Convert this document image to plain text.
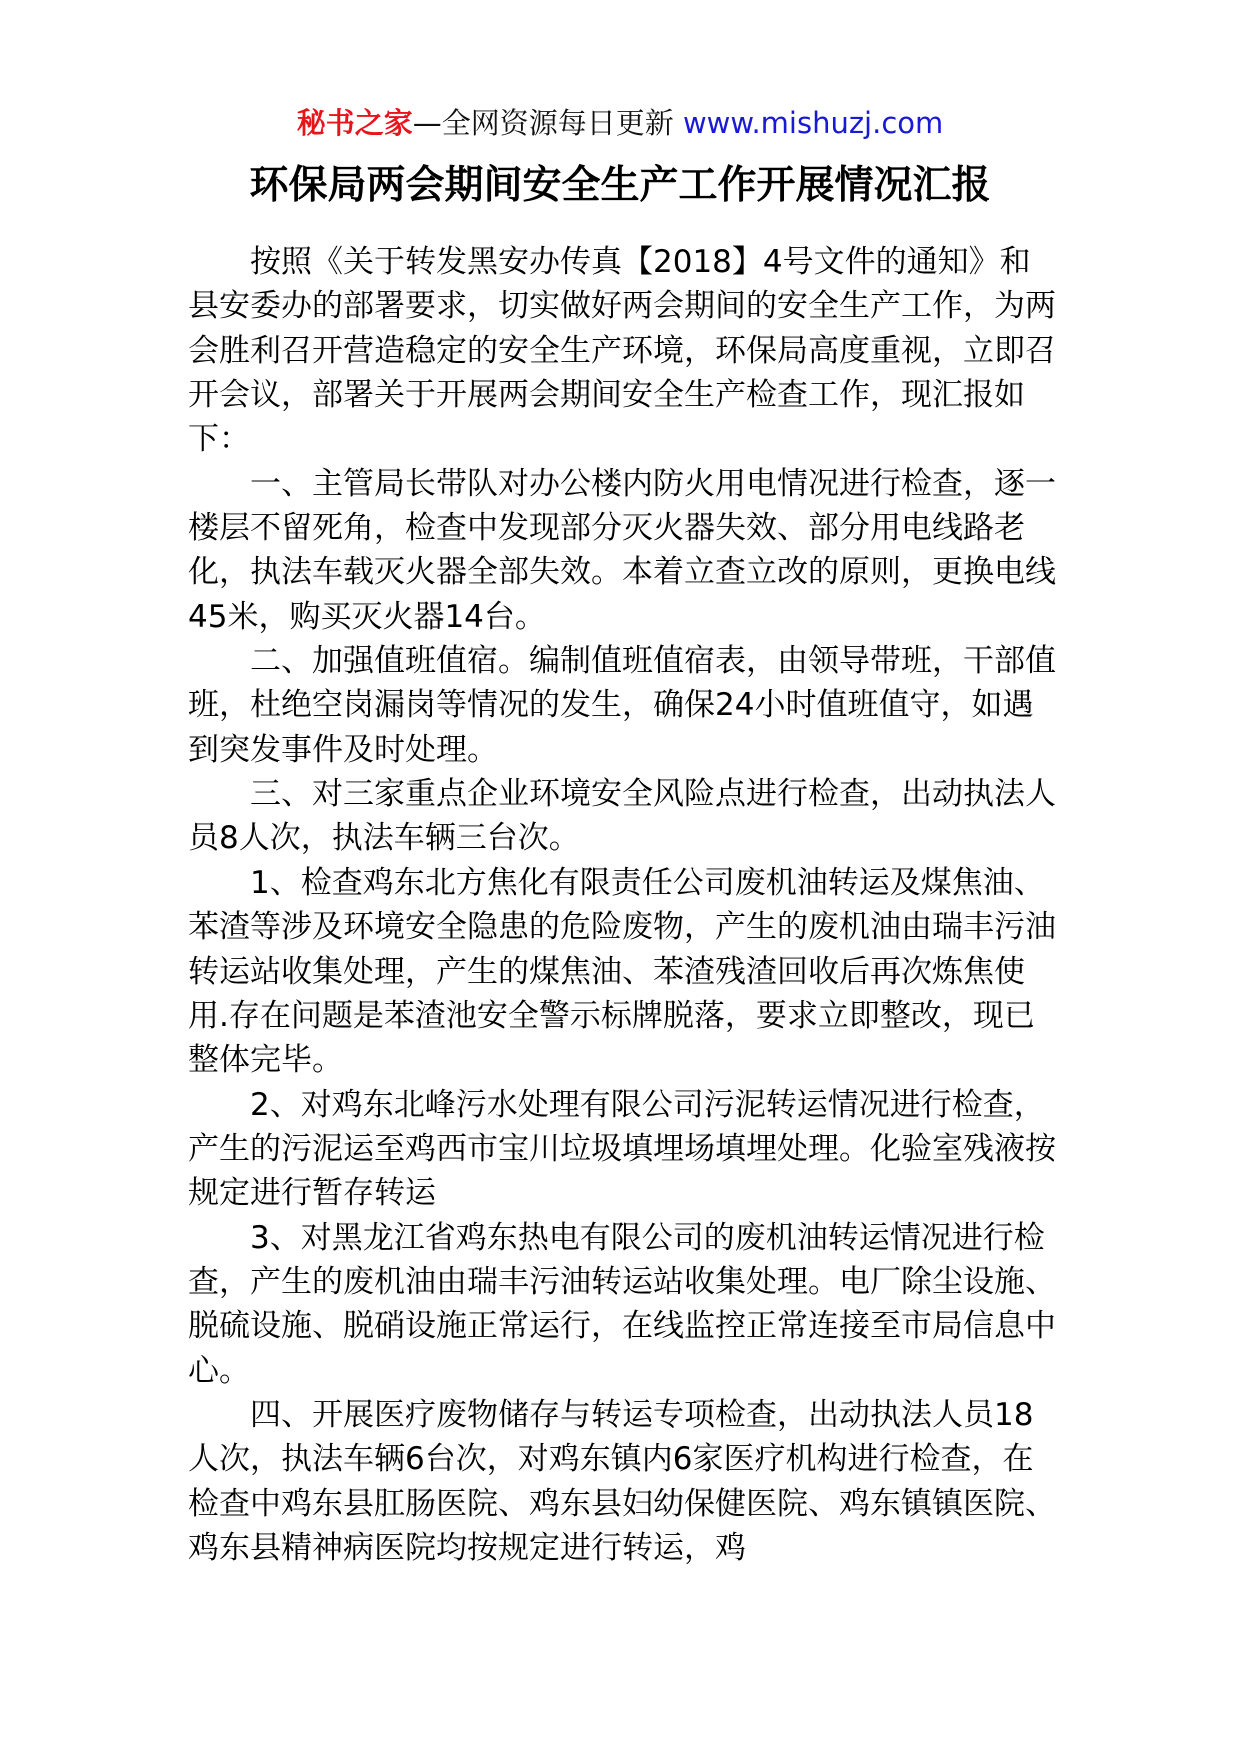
秘书之家—全网资源每日更新 www.mishuzj.com
环保局两会期间安全生产工作开展情况汇报

按照《关于转发黑安办传真【2018】4号文件的通知》和县安委办的部署要求，切实做好两会期间的安全生产工作，为两会胜利召开营造稳定的安全生产环境，环保局高度重视，立即召开会议，部署关于开展两会期间安全生产检查工作，现汇报如下：

一、主管局长带队对办公楼内防火用电情况进行检查，逐一楼层不留死角，检查中发现部分灭火器失效、部分用电线路老化，执法车载灭火器全部失效。本着立查立改的原则，更换电线45米，购买灭火器14台。

二、加强值班值宿。编制值班值宿表，由领导带班，干部值班，杜绝空岗漏岗等情况的发生，确保24小时值班值守，如遇到突发事件及时处理。

三、对三家重点企业环境安全风险点进行检查，出动执法人员8人次，执法车辆三台次。

1、检查鸡东北方焦化有限责任公司废机油转运及煤焦油、苯渣等涉及环境安全隐患的危险废物，产生的废机油由瑞丰污油转运站收集处理，产生的煤焦油、苯渣残渣回收后再次炼焦使用.存在问题是苯渣池安全警示标牌脱落，要求立即整改，现已整体完毕。

2、对鸡东北峰污水处理有限公司污泥转运情况进行检查，产生的污泥运至鸡西市宝川垃圾填埋场填埋处理。化验室残液按规定进行暂存转运

3、对黑龙江省鸡东热电有限公司的废机油转运情况进行检查，产生的废机油由瑞丰污油转运站收集处理。电厂除尘设施、脱硫设施、脱硝设施正常运行，在线监控正常连接至市局信息中心。

四、开展医疗废物储存与转运专项检查，出动执法人员18人次，执法车辆6台次，对鸡东镇内6家医疗机构进行检查，在检查中鸡东县肛肠医院、鸡东县妇幼保健医院、鸡东镇镇医院、鸡东县精神病医院均按规定进行转运，鸡
